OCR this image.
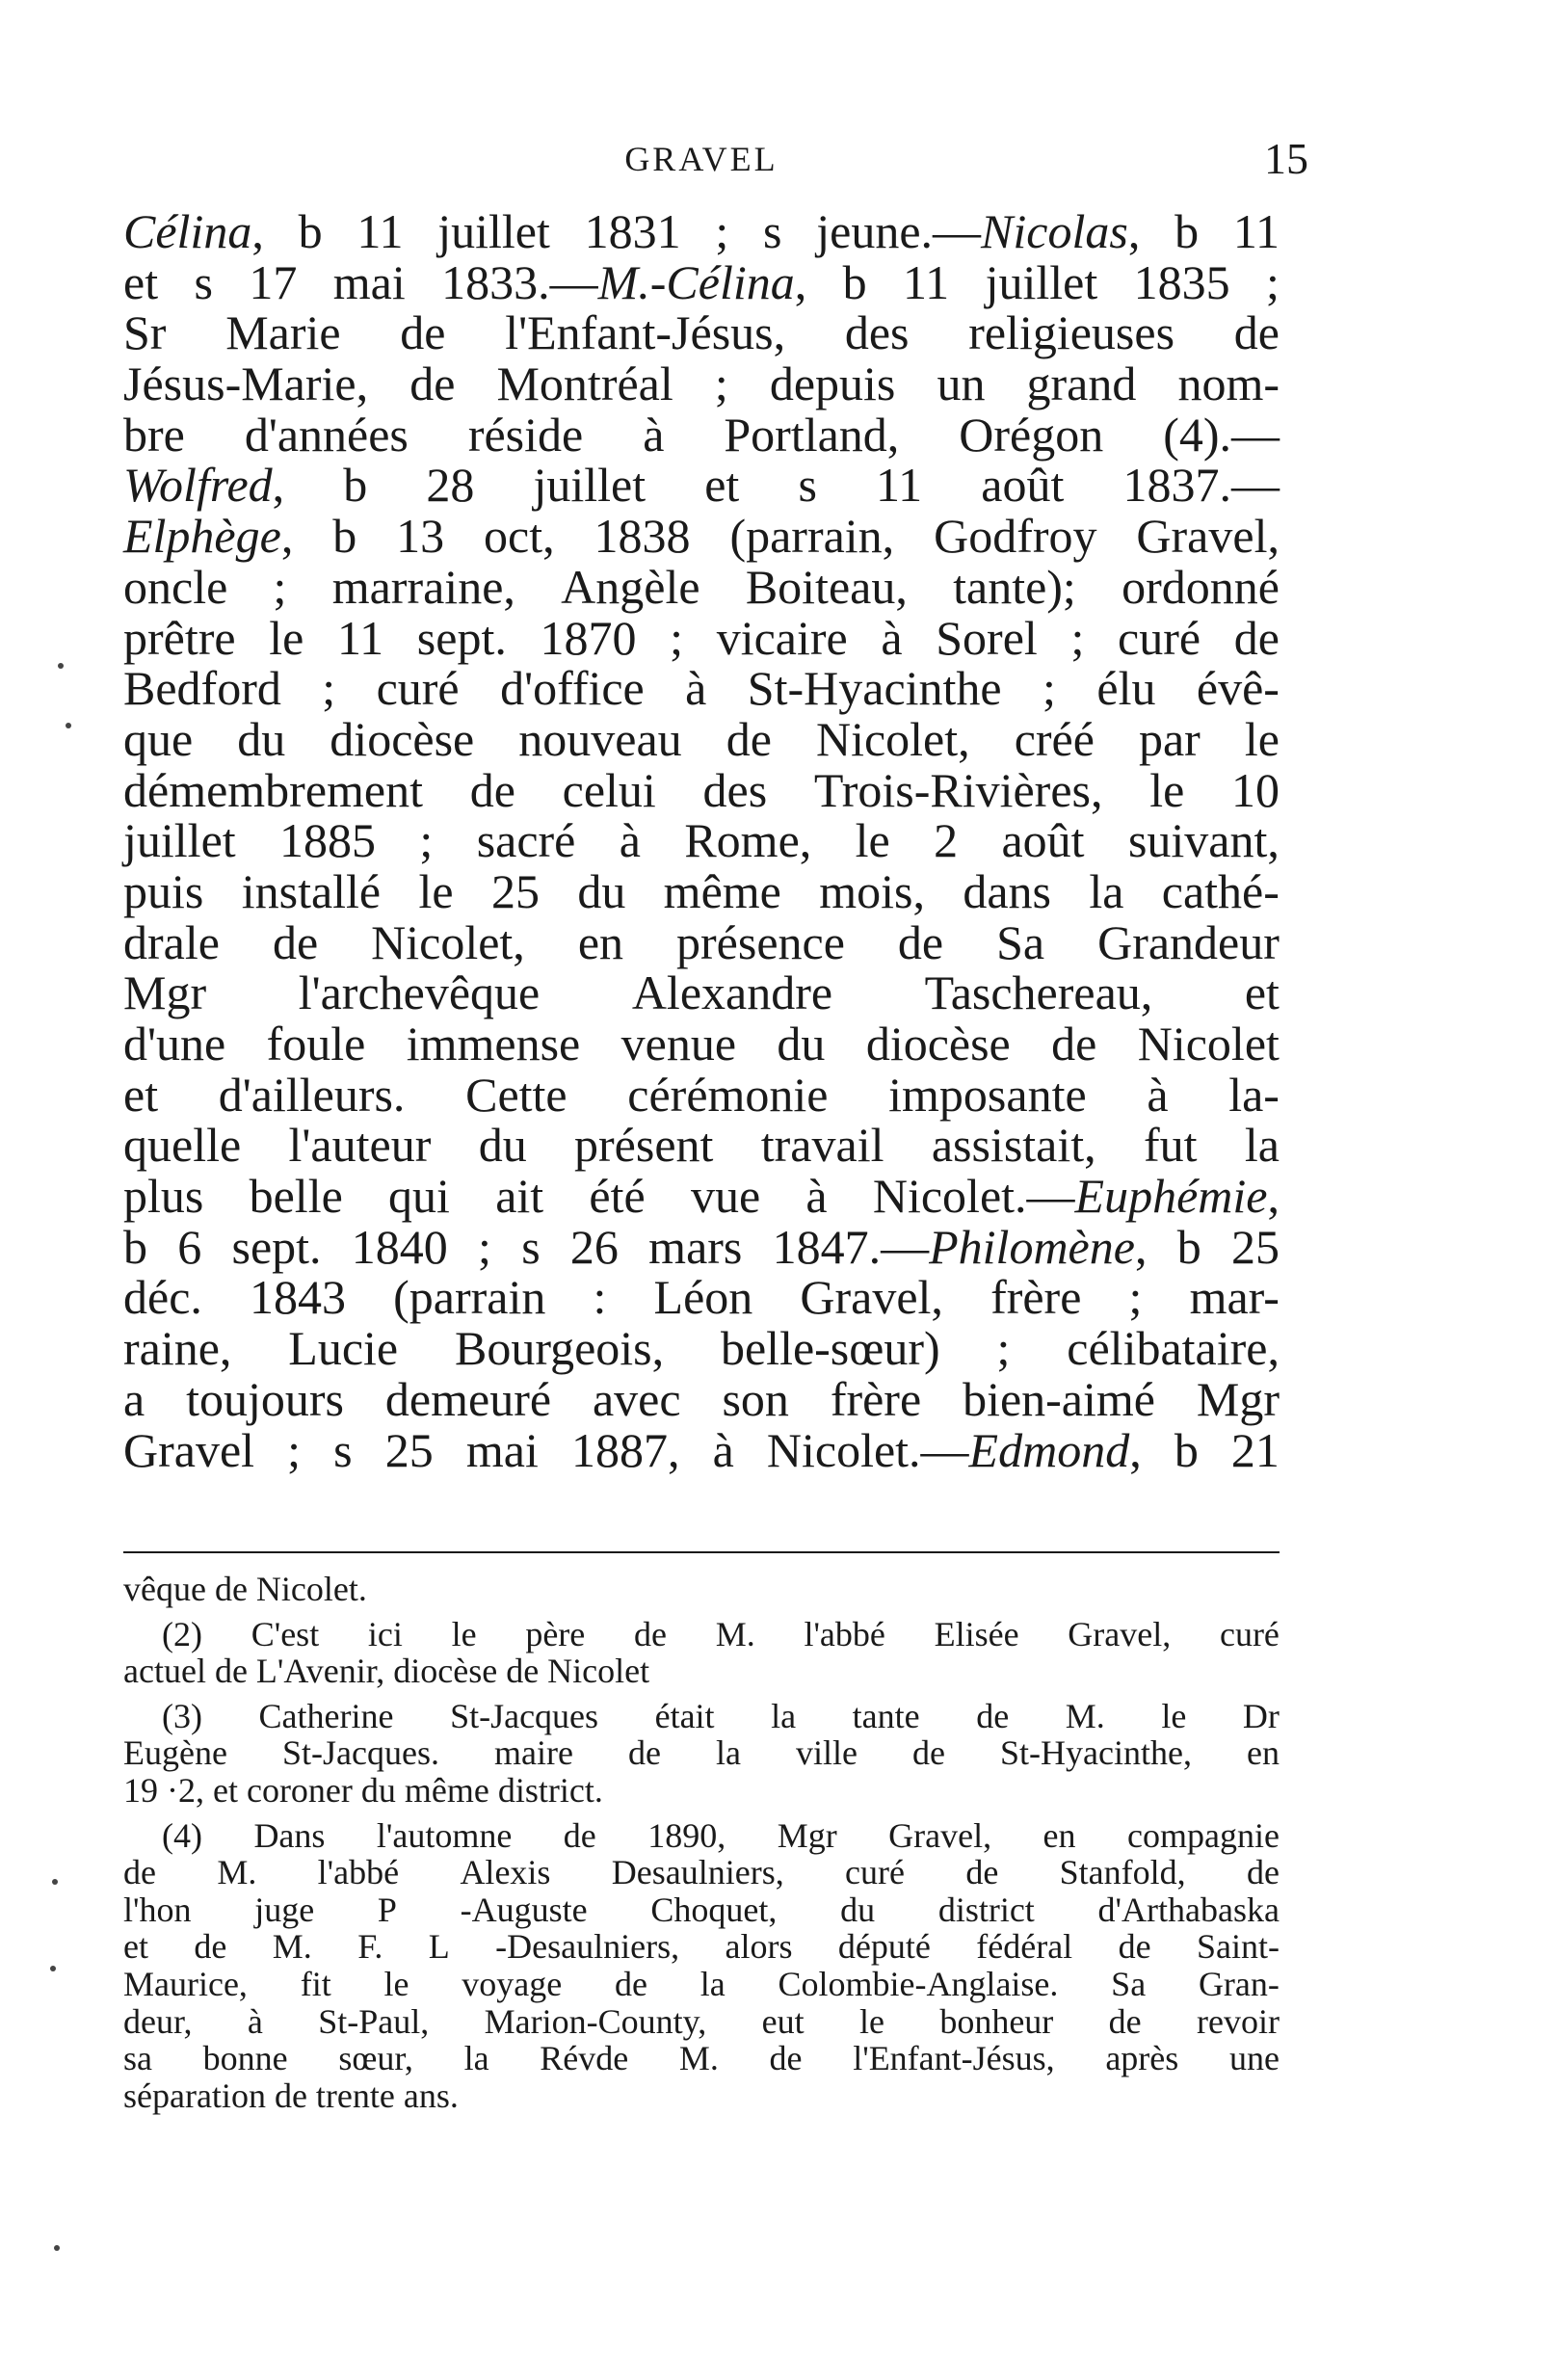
GRAVEL	15
Célina, b 11 juillet 1831 ; s jeune.—Nicolas, b 11
et s 17 mai 1833.—M.-Célina, b 11 juillet 1835 ;
Sr Marie de l'Enfant-Jésus, des religieuses de
Jésus-Marie, de Montréal ; depuis un grand nom-
bre d'années réside à Portland, Orégon (4).—
Wolfred, b 28 juillet et s 11 août 1837.—
Elphège, b 13 oct, 1838 (parrain, Godfroy Gravel,
oncle ; marraine, Angèle Boiteau, tante); ordonné
prêtre le 11 sept. 1870 ; vicaire à Sorel ; curé de
Bedford ; curé d'office à St-Hyacinthe ; élu évê-
que du diocèse nouveau de Nicolet, créé par le
démembrement de celui des Trois-Rivières, le 10
juillet 1885 ; sacré à Rome, le 2 août suivant,
puis installé le 25 du même mois, dans la cathé-
drale de Nicolet, en présence de Sa Grandeur
Mgr l'archevêque Alexandre Taschereau, et
d'une foule immense venue du diocèse de Nicolet
et d'ailleurs. Cette cérémonie imposante à la-
quelle l'auteur du présent travail assistait, fut la
plus belle qui ait été vue à Nicolet.—Euphémie,
b 6 sept. 1840 ; s 26 mars 1847.—Philomène, b 25
déc. 1843 (parrain : Léon Gravel, frère ; mar-
raine, Lucie Bourgeois, belle-sœur) ; célibataire,
a toujours demeuré avec son frère bien-aimé Mgr
Gravel ; s 25 mai 1887, à Nicolet.—Edmond, b 21
vêque de Nicolet.
(2) C'est ici le père de M. l'abbé Elisée Gravel, curé
actuel de L'Avenir, diocèse de Nicolet
(3) Catherine St-Jacques était la tante de M. le Dr
Eugène St-Jacques. maire de la ville de St-Hyacinthe, en
19 ·2, et coroner du même district.
(4) Dans l'automne de 1890, Mgr Gravel, en compagnie
de M. l'abbé Alexis Desaulniers, curé de Stanfold, de
l'hon juge P -Auguste Choquet, du district d'Arthabaska
et de M. F. L -Desaulniers, alors député fédéral de Saint-
Maurice, fit le voyage de la Colombie-Anglaise. Sa Gran-
deur, à St-Paul, Marion-County, eut le bonheur de revoir
sa bonne sœur, la Révde M. de l'Enfant-Jésus, après une
séparation de trente ans.
